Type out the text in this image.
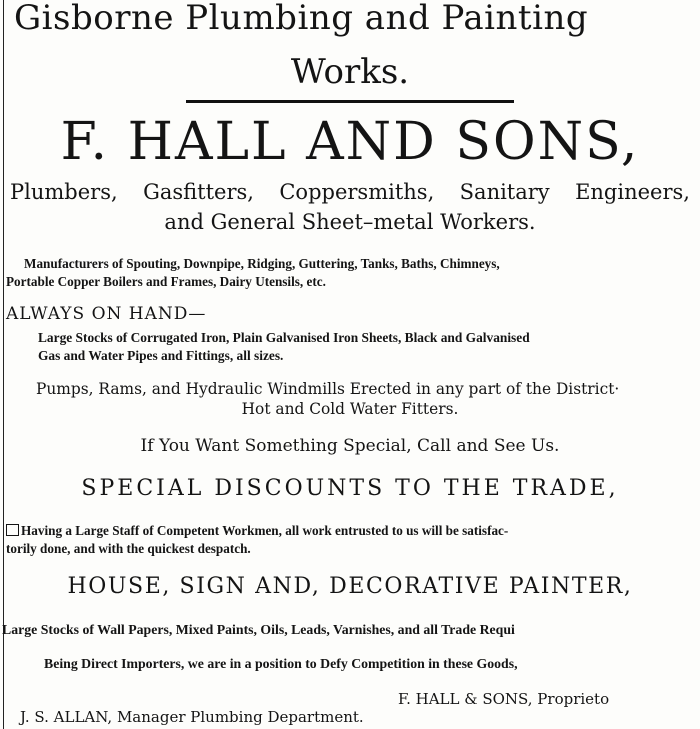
Gisborne Plumbing and Painting
Works.
F. HALL AND SONS,
Plumbers, Gasfitters, Coppersmiths, Sanitary Engineers,
and General Sheet–metal Workers.
Manufacturers of Spouting, Downpipe, Ridging, Guttering, Tanks, Baths, Chimneys,
Portable Copper Boilers and Frames, Dairy Utensils, etc.
ALWAYS ON HAND—
Large Stocks of Corrugated Iron, Plain Galvanised Iron Sheets, Black and Galvanised
Gas and Water Pipes and Fittings, all sizes.
Pumps, Rams, and Hydraulic Windmills Erected in any part of the District·
Hot and Cold Water Fitters.
If You Want Something Special, Call and See Us.
SPECIAL DISCOUNTS TO THE TRADE,
Having a Large Staff of Competent Workmen, all work entrusted to us will be satisfac-
torily done, and with the quickest despatch.
HOUSE, SIGN AND, DECORATIVE PAINTER,
Large Stocks of Wall Papers, Mixed Paints, Oils, Leads, Varnishes, and all Trade Requi
Being Direct Importers, we are in a position to Defy Competition in these Goods,
F. HALL & SONS, Proprieto
J. S. ALLAN, Manager Plumbing Department.
